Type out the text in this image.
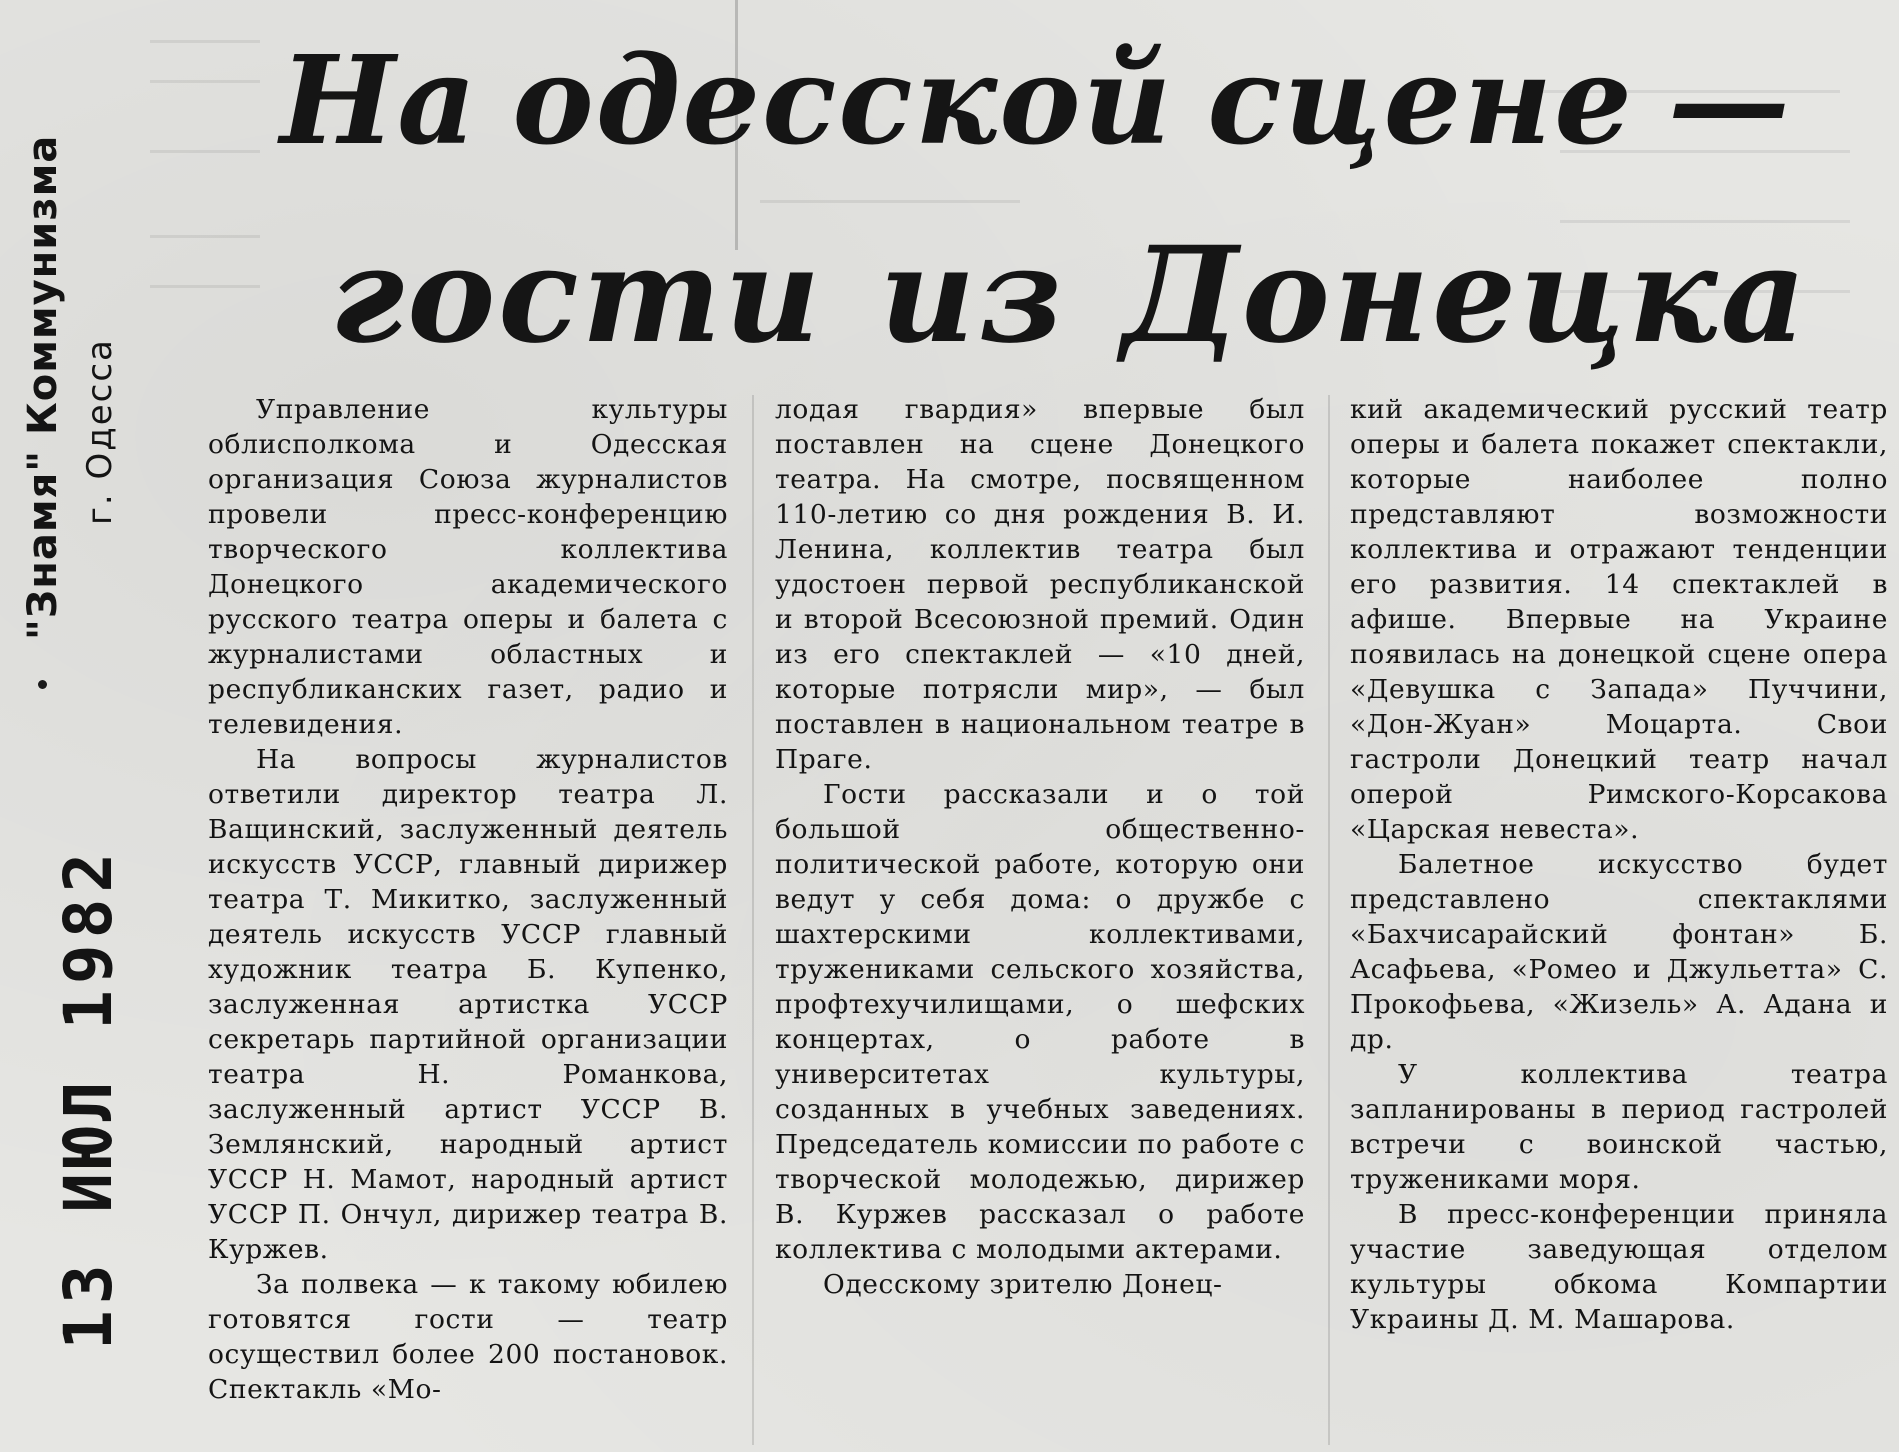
"Знамя" Коммунизма г. Одесса
13 ИЮЛ 1982
На одесской сцене —
гости из Донецка

Управление культуры облисполкома и Одесская организация Союза журналистов провели пресс-конференцию творческого коллектива Донецкого академического русского театра оперы и балета с журналистами областных и республиканских газет, радио и телевидения.

На вопросы журналистов ответили директор театра Л. Ващинский, заслуженный деятель искусств УССР, главный дирижер театра Т. Микитко, заслуженный деятель искусств УССР главный художник театра Б. Купенко, заслуженная артистка УССР секретарь партийной организации театра Н. Романкова, заслуженный артист УССР В. Землянский, народный артист УССР Н. Мамот, народный артист УССР П. Ончул, дирижер театра В. Куржев.

За полвека — к такому юбилею готовятся гости — театр осуществил более 200 постановок. Спектакль «Мо-

лодая гвардия» впервые был поставлен на сцене Донецкого театра. На смотре, посвященном 110-летию со дня рождения В. И. Ленина, коллектив театра был удостоен первой республиканской и второй Всесоюзной премий. Один из его спектаклей — «10 дней, которые потрясли мир», — был поставлен в национальном театре в Праге.

Гости рассказали и о той большой общественно-политической работе, которую они ведут у себя дома: о дружбе с шахтерскими коллективами, тружениками сельского хозяйства, профтехучилищами, о шефских концертах, о работе в университетах культуры, созданных в учебных заведениях. Председатель комиссии по работе с творческой молодежью, дирижер В. Куржев рассказал о работе коллектива с молодыми актерами.

Одесскому зрителю Донец-

кий академический русский театр оперы и балета покажет спектакли, которые наиболее полно представляют возможности коллектива и отражают тенденции его развития. 14 спектаклей в афише. Впервые на Украине появилась на донецкой сцене опера «Девушка с Запада» Пуччини, «Дон-Жуан» Моцарта. Свои гастроли Донецкий театр начал оперой Римского-Корсакова «Царская невеста».

Балетное искусство будет представлено спектаклями «Бахчисарайский фонтан» Б. Асафьева, «Ромео и Джульетта» С. Прокофьева, «Жизель» А. Адана и др.

У коллектива театра запланированы в период гастролей встречи с воинской частью, тружениками моря.

В пресс-конференции приняла участие заведующая отделом культуры обкома Компартии Украины Д. М. Машарова.
